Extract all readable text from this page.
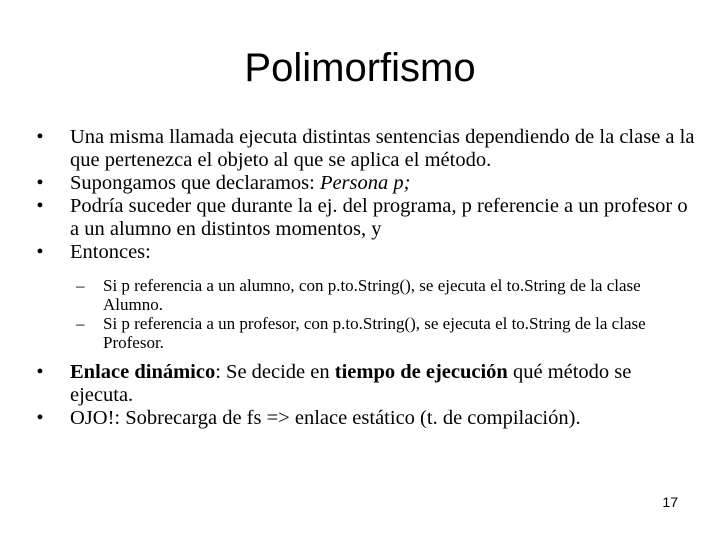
Polimorfismo
•	Una misma llamada ejecuta distintas sentencias dependiendo de la clase a la que pertenezca el objeto al que se aplica el método.
•	Supongamos que declaramos: Persona p;
•	Podría suceder que durante la ej. del programa, p referencie a un profesor o a un alumno en distintos momentos, y
•	Entonces:
– Si p referencia a un alumno, con p.to.String(), se ejecuta el to.String de la clase Alumno.
– Si p referencia a un profesor, con p.to.String(), se ejecuta el to.String de la clase Profesor.
•	Enlace dinámico: Se decide en tiempo de ejecución qué método se ejecuta.
•	OJO!: Sobrecarga de fs => enlace estático (t. de compilación).
17
